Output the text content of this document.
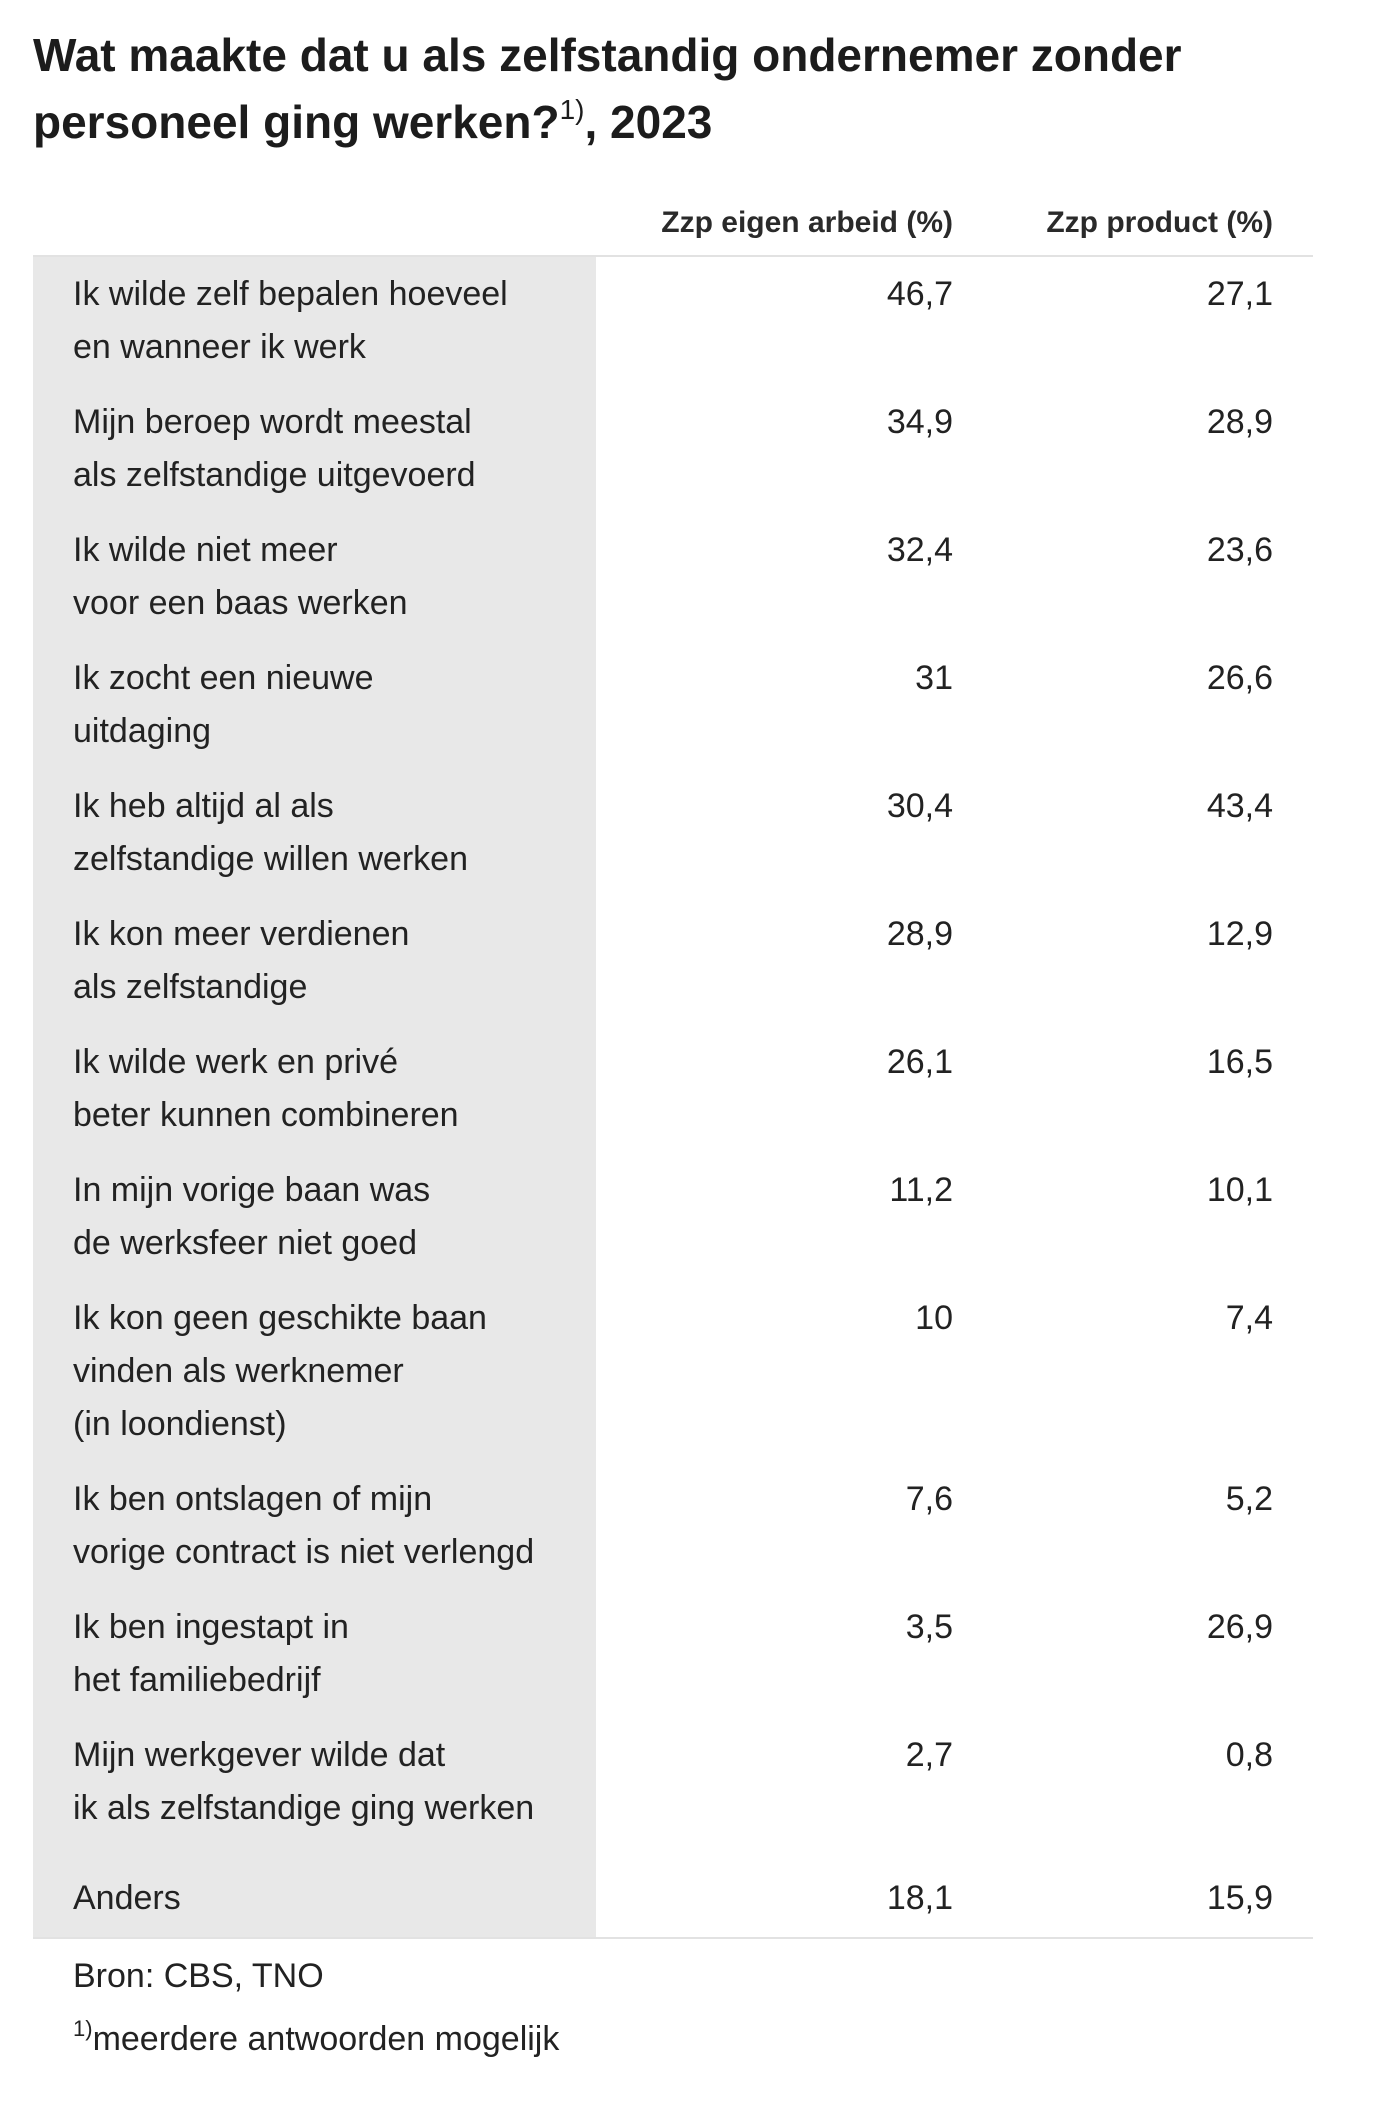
Wat maakte dat u als zelfstandig ondernemer zonder personeel ging werken?$^{1)}$, 2023
Zzp eigen arbeid (%)	Zzp product (%)
Ik wilde zelf bepalen hoeveel
en wanneer ik werk
46,7	27,1
Mijn beroep wordt meestal
als zelfstandige uitgevoerd
34,9	28,9
Ik wilde niet meer
voor een baas werken
32,4	23,6
Ik zocht een nieuwe
uitdaging
31	26,6
Ik heb altijd al als
zelfstandige willen werken
30,4	43,4
Ik kon meer verdienen
als zelfstandige
28,9	12,9
Ik wilde werk en privé
beter kunnen combineren
26,1	16,5
In mijn vorige baan was
de werksfeer niet goed
11,2	10,1
Ik kon geen geschikte baan
vinden als werknemer
(in loondienst)
10	7,4
Ik ben ontslagen of mijn
vorige contract is niet verlengd
7,6	5,2
Ik ben ingestapt in
het familiebedrijf
3,5	26,9
Mijn werkgever wilde dat
ik als zelfstandige ging werken
2,7	0,8
Anders	18,1	15,9
Bron: CBS, TNO
$^{1)}$meerdere antwoorden mogelijk
